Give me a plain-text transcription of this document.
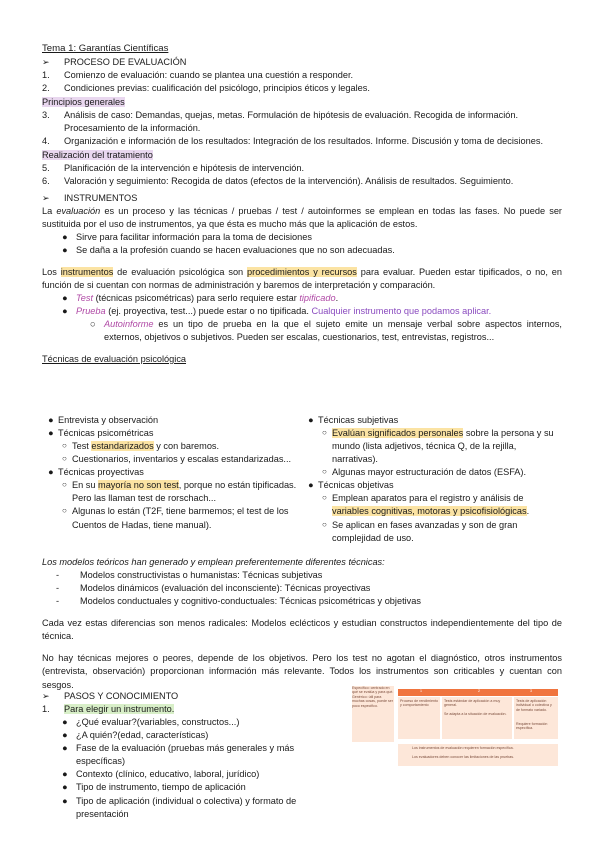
Tema 1: Garantías Científicas
➢	PROCESO DE EVALUACIÓN
1.	Comienzo de evaluación: cuando se plantea una cuestión a responder.
2.	Condiciones previas: cualificación del psicólogo, principios éticos y legales.
Principios generales
3.	Análisis de caso: Demandas, quejas, metas. Formulación de hipótesis de evaluación. Recogida de información. Procesamiento de la información.
4.	Organización e información de los resultados: Integración de los resultados. Informe. Discusión y toma de decisiones.
Realización del tratamiento
5.	Planificación de la intervención e hipótesis de intervención.
6.	Valoración y seguimiento: Recogida de datos (efectos de la intervención). Análisis de resultados. Seguimiento.
➢	INSTRUMENTOS

La evaluación es un proceso y las técnicas / pruebas / test / autoinformes se emplean en todas las fases. No puede ser sustituida por el uso de instrumentos, ya que ésta es mucho más que la aplicación de estos.

● Sirve para facilitar información para la toma de decisiones
● Se daña a la profesión cuando se hacen evaluaciones que no son adecuadas.

Los instrumentos de evaluación psicológica son procedimientos y recursos para evaluar. Pueden estar tipificados, o no, en función de si cuentan con normas de administración y baremos de interpretación y comparación.

● Test (técnicas psicométricas) para serlo requiere estar tipificado.
● Prueba (ej. proyectiva, test...) puede estar o no tipificada. Cualquier instrumento que podamos aplicar.
○ Autoinforme es un tipo de prueba en la que el sujeto emite un mensaje verbal sobre aspectos internos, externos, objetivos o subjetivos. Pueden ser escalas, cuestionarios, test, entrevistas, registros...
Técnicas de evaluación psicológica
● Entrevista y observación
● Técnicas psicométricas
○ Test estandarizados y con baremos.
○ Cuestionarios, inventarios y escalas estandarizadas...
● Técnicas proyectivas
○ En su mayoría no son test, porque no están tipificadas. Pero las llaman test de rorschach...
○ Algunas lo están (T2F, tiene barmemos; el test de los Cuentos de Hadas, tiene manual).
● Técnicas subjetivas
○ Evalúan significados personales sobre la persona y su mundo (lista adjetivos, técnica Q, de la rejilla, narrativas).
○ Algunas mayor estructuración de datos (ESFA).
● Técnicas objetivas
○ Emplean aparatos para el registro y análisis de variables cognitivas, motoras y psicofisiológicas.
○ Se aplican en fases avanzadas y son de gran complejidad de uso.

Los modelos teóricos han generado y emplean preferentemente diferentes técnicas:

-	Modelos constructivistas o humanistas: Técnicas subjetivas
-	Modelos dinámicos (evaluación del inconsciente): Técnicas proyectivas
-	Modelos conductuales y cognitivo-conductuales: Técnicas psicométricas y objetivas

Cada vez estas diferencias son menos radicales: Modelos eclécticos y estudian constructos independientemente del tipo de técnica.

No hay técnicas mejores o peores, depende de los objetivos. Pero los test no agotan el diagnóstico, otros instrumentos (entrevista, observación) proporcionan información más relevante. Todos los instrumentos son criticables y cuentan con sesgos.

➢	PASOS Y CONOCIMIENTO
1.	Para elegir un instrumento.
● ¿Qué evaluar?(variables, constructos...)
● ¿A quién?(edad, características)
● Fase de la evaluación (pruebas más generales y más específicas)
● Contexto (clínico, educativo, laboral, jurídico)
● Tipo de instrumento, tiempo de aplicación
● Tipo de aplicación (individual o colectiva) y formato de presentación
Específico: centrado en qué se evalúa y para qué. Genérico: útil para muchas cosas, puede ser poco específico.
1	2	3
Proceso de rendimiento y comportamiento
Tests estándar de aplicación a muy general.
Se adapta a la situación de evaluación.
Tests de aplicación individual o colectiva y de formato variado.
Requiere formación específica.
Los instrumentos de evaluación requieren formación específica.
Los evaluadores deben conocer las limitaciones de las pruebas.
